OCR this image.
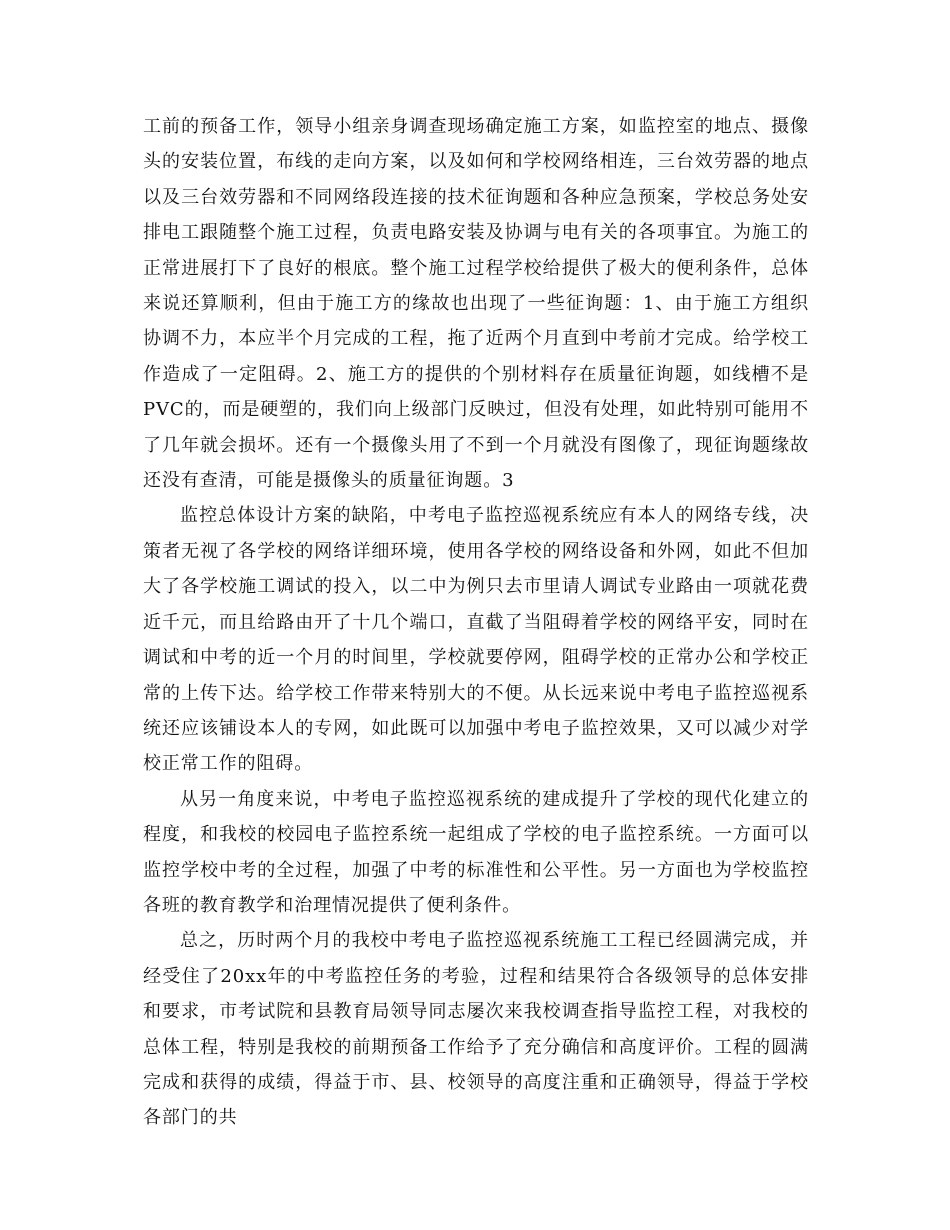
工前的预备工作，领导小组亲身调查现场确定施工方案，如监控室的地点、摄像头的安装位置，布线的走向方案，以及如何和学校网络相连，三台效劳器的地点以及三台效劳器和不同网络段连接的技术征询题和各种应急预案，学校总务处安排电工跟随整个施工过程，负责电路安装及协调与电有关的各项事宜。为施工的正常进展打下了良好的根底。整个施工过程学校给提供了极大的便利条件，总体来说还算顺利，但由于施工方的缘故也出现了一些征询题：1、由于施工方组织协调不力，本应半个月完成的工程，拖了近两个月直到中考前才完成。给学校工作造成了一定阻碍。2、施工方的提供的个别材料存在质量征询题，如线槽不是PVC的，而是硬塑的，我们向上级部门反映过，但没有处理，如此特别可能用不了几年就会损坏。还有一个摄像头用了不到一个月就没有图像了，现征询题缘故还没有查清，可能是摄像头的质量征询题。3

监控总体设计方案的缺陷，中考电子监控巡视系统应有本人的网络专线，决策者无视了各学校的网络详细环境，使用各学校的网络设备和外网，如此不但加大了各学校施工调试的投入，以二中为例只去市里请人调试专业路由一项就花费近千元，而且给路由开了十几个端口，直截了当阻碍着学校的网络平安，同时在调试和中考的近一个月的时间里，学校就要停网，阻碍学校的正常办公和学校正常的上传下达。给学校工作带来特别大的不便。从长远来说中考电子监控巡视系统还应该铺设本人的专网，如此既可以加强中考电子监控效果，又可以减少对学校正常工作的阻碍。

从另一角度来说，中考电子监控巡视系统的建成提升了学校的现代化建立的程度，和我校的校园电子监控系统一起组成了学校的电子监控系统。一方面可以监控学校中考的全过程，加强了中考的标准性和公平性。另一方面也为学校监控各班的教育教学和治理情况提供了便利条件。

总之，历时两个月的我校中考电子监控巡视系统施工工程已经圆满完成，并经受住了20xx年的中考监控任务的考验，过程和结果符合各级领导的总体安排和要求，市考试院和县教育局领导同志屡次来我校调查指导监控工程，对我校的总体工程，特别是我校的前期预备工作给予了充分确信和高度评价。工程的圆满完成和获得的成绩，得益于市、县、校领导的高度注重和正确领导，得益于学校各部门的共
